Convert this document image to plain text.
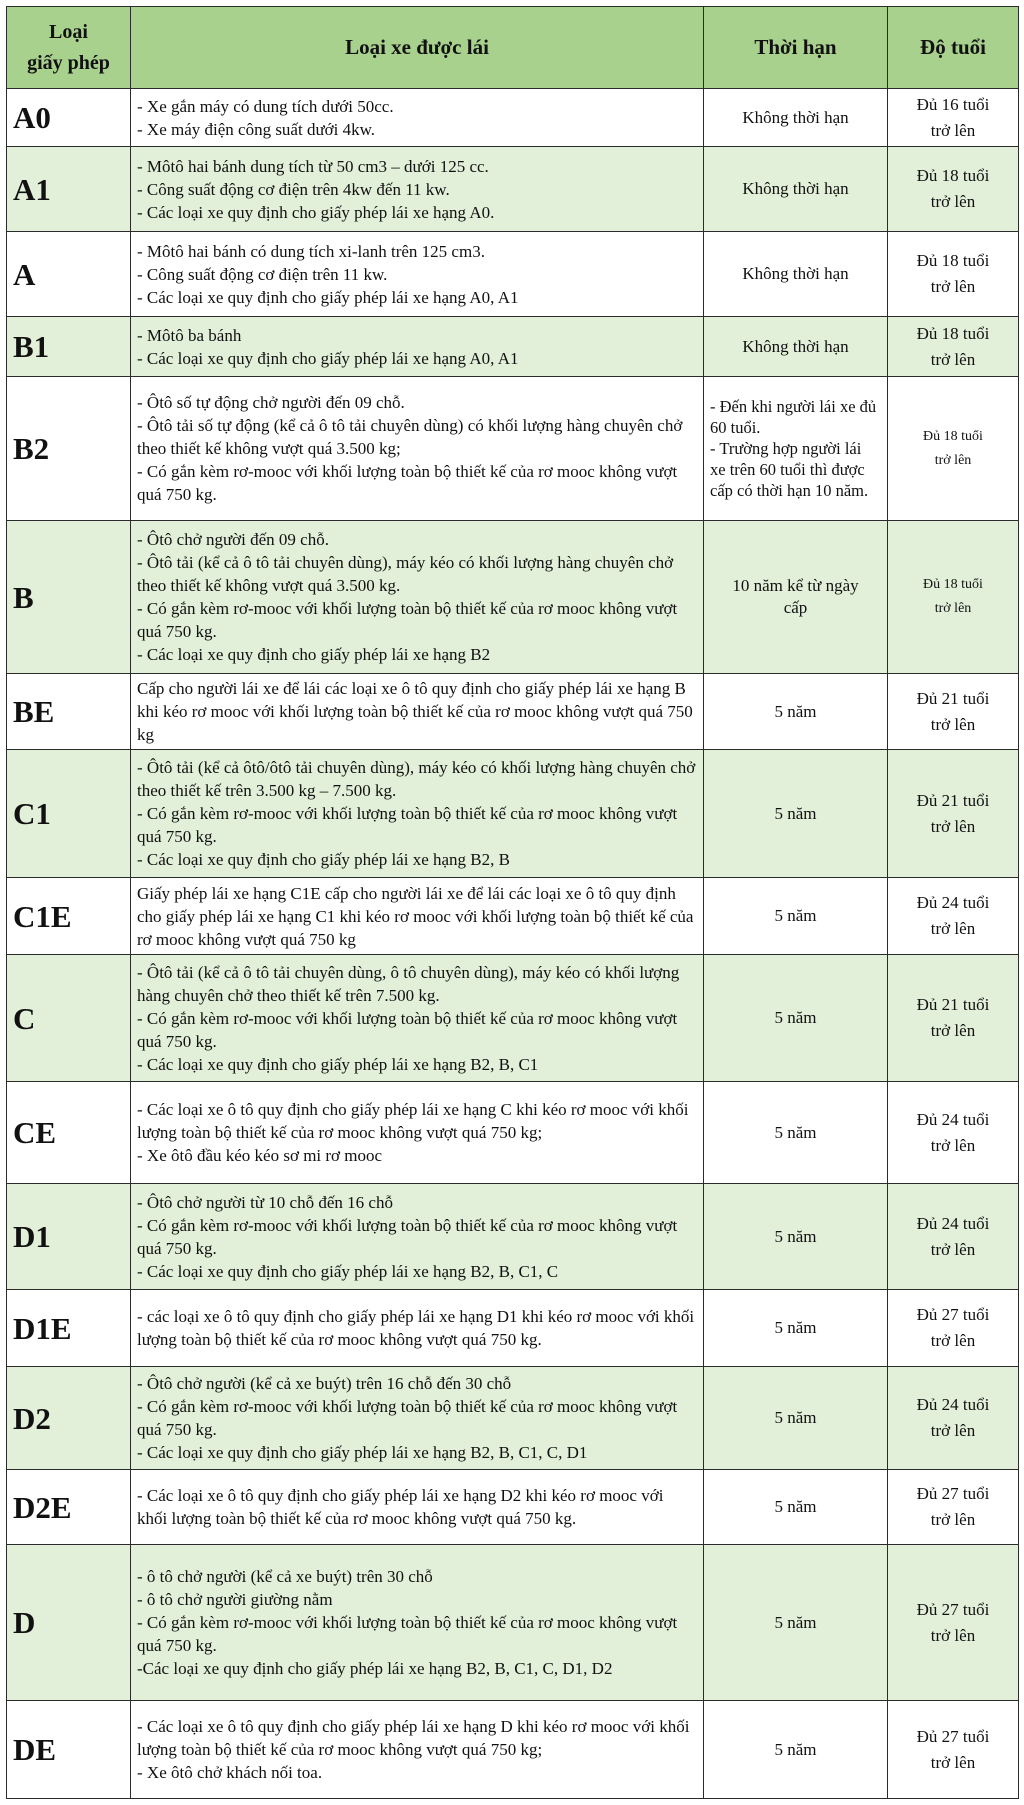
Loại
giấy phép	Loại xe được lái	Thời hạn	Độ tuổi
A0	- Xe gắn máy có dung tích dưới 50cc.
- Xe máy điện công suất dưới 4kw.	Không thời hạn	Đủ 16 tuổi
trở lên

A1	- Môtô hai bánh dung tích từ 50 cm3 – dưới 125 cc.
- Công suất động cơ điện trên 4kw đến 11 kw.
- Các loại xe quy định cho giấy phép lái xe hạng A0.	Không thời hạn	Đủ 18 tuổi
trở lên

A	- Môtô hai bánh có dung tích xi-lanh trên 125 cm3.
- Công suất động cơ điện trên 11 kw.
- Các loại xe quy định cho giấy phép lái xe hạng A0, A1	Không thời hạn	Đủ 18 tuổi
trở lên

B1	- Môtô ba bánh
- Các loại xe quy định cho giấy phép lái xe hạng A0, A1	Không thời hạn	Đủ 18 tuổi
trở lên

B2	- Ôtô số tự động chở người đến 09 chỗ.
- Ôtô tải số tự động (kể cả ô tô tải chuyên dùng) có khối lượng hàng chuyên chở theo thiết kế không vượt quá 3.500 kg;
- Có gắn kèm rơ-mooc với khối lượng toàn bộ thiết kế của rơ mooc không vượt quá 750 kg.	- Đến khi người lái xe đủ 60 tuổi.
- Trường hợp người lái xe trên 60 tuổi thì được cấp có thời hạn 10 năm.	Đủ 18 tuổi
trở lên

B	- Ôtô chở người đến 09 chỗ.
- Ôtô tải (kể cả ô tô tải chuyên dùng), máy kéo có khối lượng hàng chuyên chở theo thiết kế không vượt quá 3.500 kg.
- Có gắn kèm rơ-mooc với khối lượng toàn bộ thiết kế của rơ mooc không vượt quá 750 kg.
- Các loại xe quy định cho giấy phép lái xe hạng B2	10 năm kể từ ngày
cấp	Đủ 18 tuổi
trở lên

BE	Cấp cho người lái xe để lái các loại xe ô tô quy định cho giấy phép lái xe hạng B khi kéo rơ mooc với khối lượng toàn bộ thiết kế của rơ mooc không vượt quá 750 kg	5 năm	Đủ 21 tuổi
trở lên

C1	- Ôtô tải (kể cả ôtô/ôtô tải chuyên dùng), máy kéo có khối lượng hàng chuyên chở theo thiết kế trên 3.500 kg – 7.500 kg.
- Có gắn kèm rơ-mooc với khối lượng toàn bộ thiết kế của rơ mooc không vượt quá 750 kg.
- Các loại xe quy định cho giấy phép lái xe hạng B2, B	5 năm	Đủ 21 tuổi
trở lên

C1E	Giấy phép lái xe hạng C1E cấp cho người lái xe để lái các loại xe ô tô quy định cho giấy phép lái xe hạng C1 khi kéo rơ mooc với khối lượng toàn bộ thiết kế của rơ mooc không vượt quá 750 kg	5 năm	Đủ 24 tuổi
trở lên

C	- Ôtô tải (kể cả ô tô tải chuyên dùng, ô tô chuyên dùng), máy kéo có khối lượng hàng chuyên chở theo thiết kế trên 7.500 kg.
- Có gắn kèm rơ-mooc với khối lượng toàn bộ thiết kế của rơ mooc không vượt quá 750 kg.
- Các loại xe quy định cho giấy phép lái xe hạng B2, B, C1	5 năm	Đủ 21 tuổi
trở lên

CE	- Các loại xe ô tô quy định cho giấy phép lái xe hạng C khi kéo rơ mooc với khối lượng toàn bộ thiết kế của rơ mooc không vượt quá 750 kg;
- Xe ôtô đầu kéo kéo sơ mi rơ mooc	5 năm	Đủ 24 tuổi
trở lên

D1	- Ôtô chở người từ 10 chỗ đến 16 chỗ
- Có gắn kèm rơ-mooc với khối lượng toàn bộ thiết kế của rơ mooc không vượt quá 750 kg.
- Các loại xe quy định cho giấy phép lái xe hạng B2, B, C1, C	5 năm	Đủ 24 tuổi
trở lên

D1E	- các loại xe ô tô quy định cho giấy phép lái xe hạng D1 khi kéo rơ mooc với khối lượng toàn bộ thiết kế của rơ mooc không vượt quá 750 kg.	5 năm	Đủ 27 tuổi
trở lên

D2	- Ôtô chở người (kể cả xe buýt) trên 16 chỗ đến 30 chỗ
- Có gắn kèm rơ-mooc với khối lượng toàn bộ thiết kế của rơ mooc không vượt quá 750 kg.
- Các loại xe quy định cho giấy phép lái xe hạng B2, B, C1, C, D1	5 năm	Đủ 24 tuổi
trở lên

D2E	- Các loại xe ô tô quy định cho giấy phép lái xe hạng D2 khi kéo rơ mooc với khối lượng toàn bộ thiết kế của rơ mooc không vượt quá 750 kg.	5 năm	Đủ 27 tuổi
trở lên

D	- ô tô chở người (kể cả xe buýt) trên 30 chỗ
- ô tô chở người giường nằm
- Có gắn kèm rơ-mooc với khối lượng toàn bộ thiết kế của rơ mooc không vượt quá 750 kg.
-Các loại xe quy định cho giấy phép lái xe hạng B2, B, C1, C, D1, D2	5 năm	Đủ 27 tuổi
trở lên

DE	- Các loại xe ô tô quy định cho giấy phép lái xe hạng D khi kéo rơ mooc với khối lượng toàn bộ thiết kế của rơ mooc không vượt quá 750 kg;
- Xe ôtô chở khách nối toa.	5 năm	Đủ 27 tuổi
trở lên
